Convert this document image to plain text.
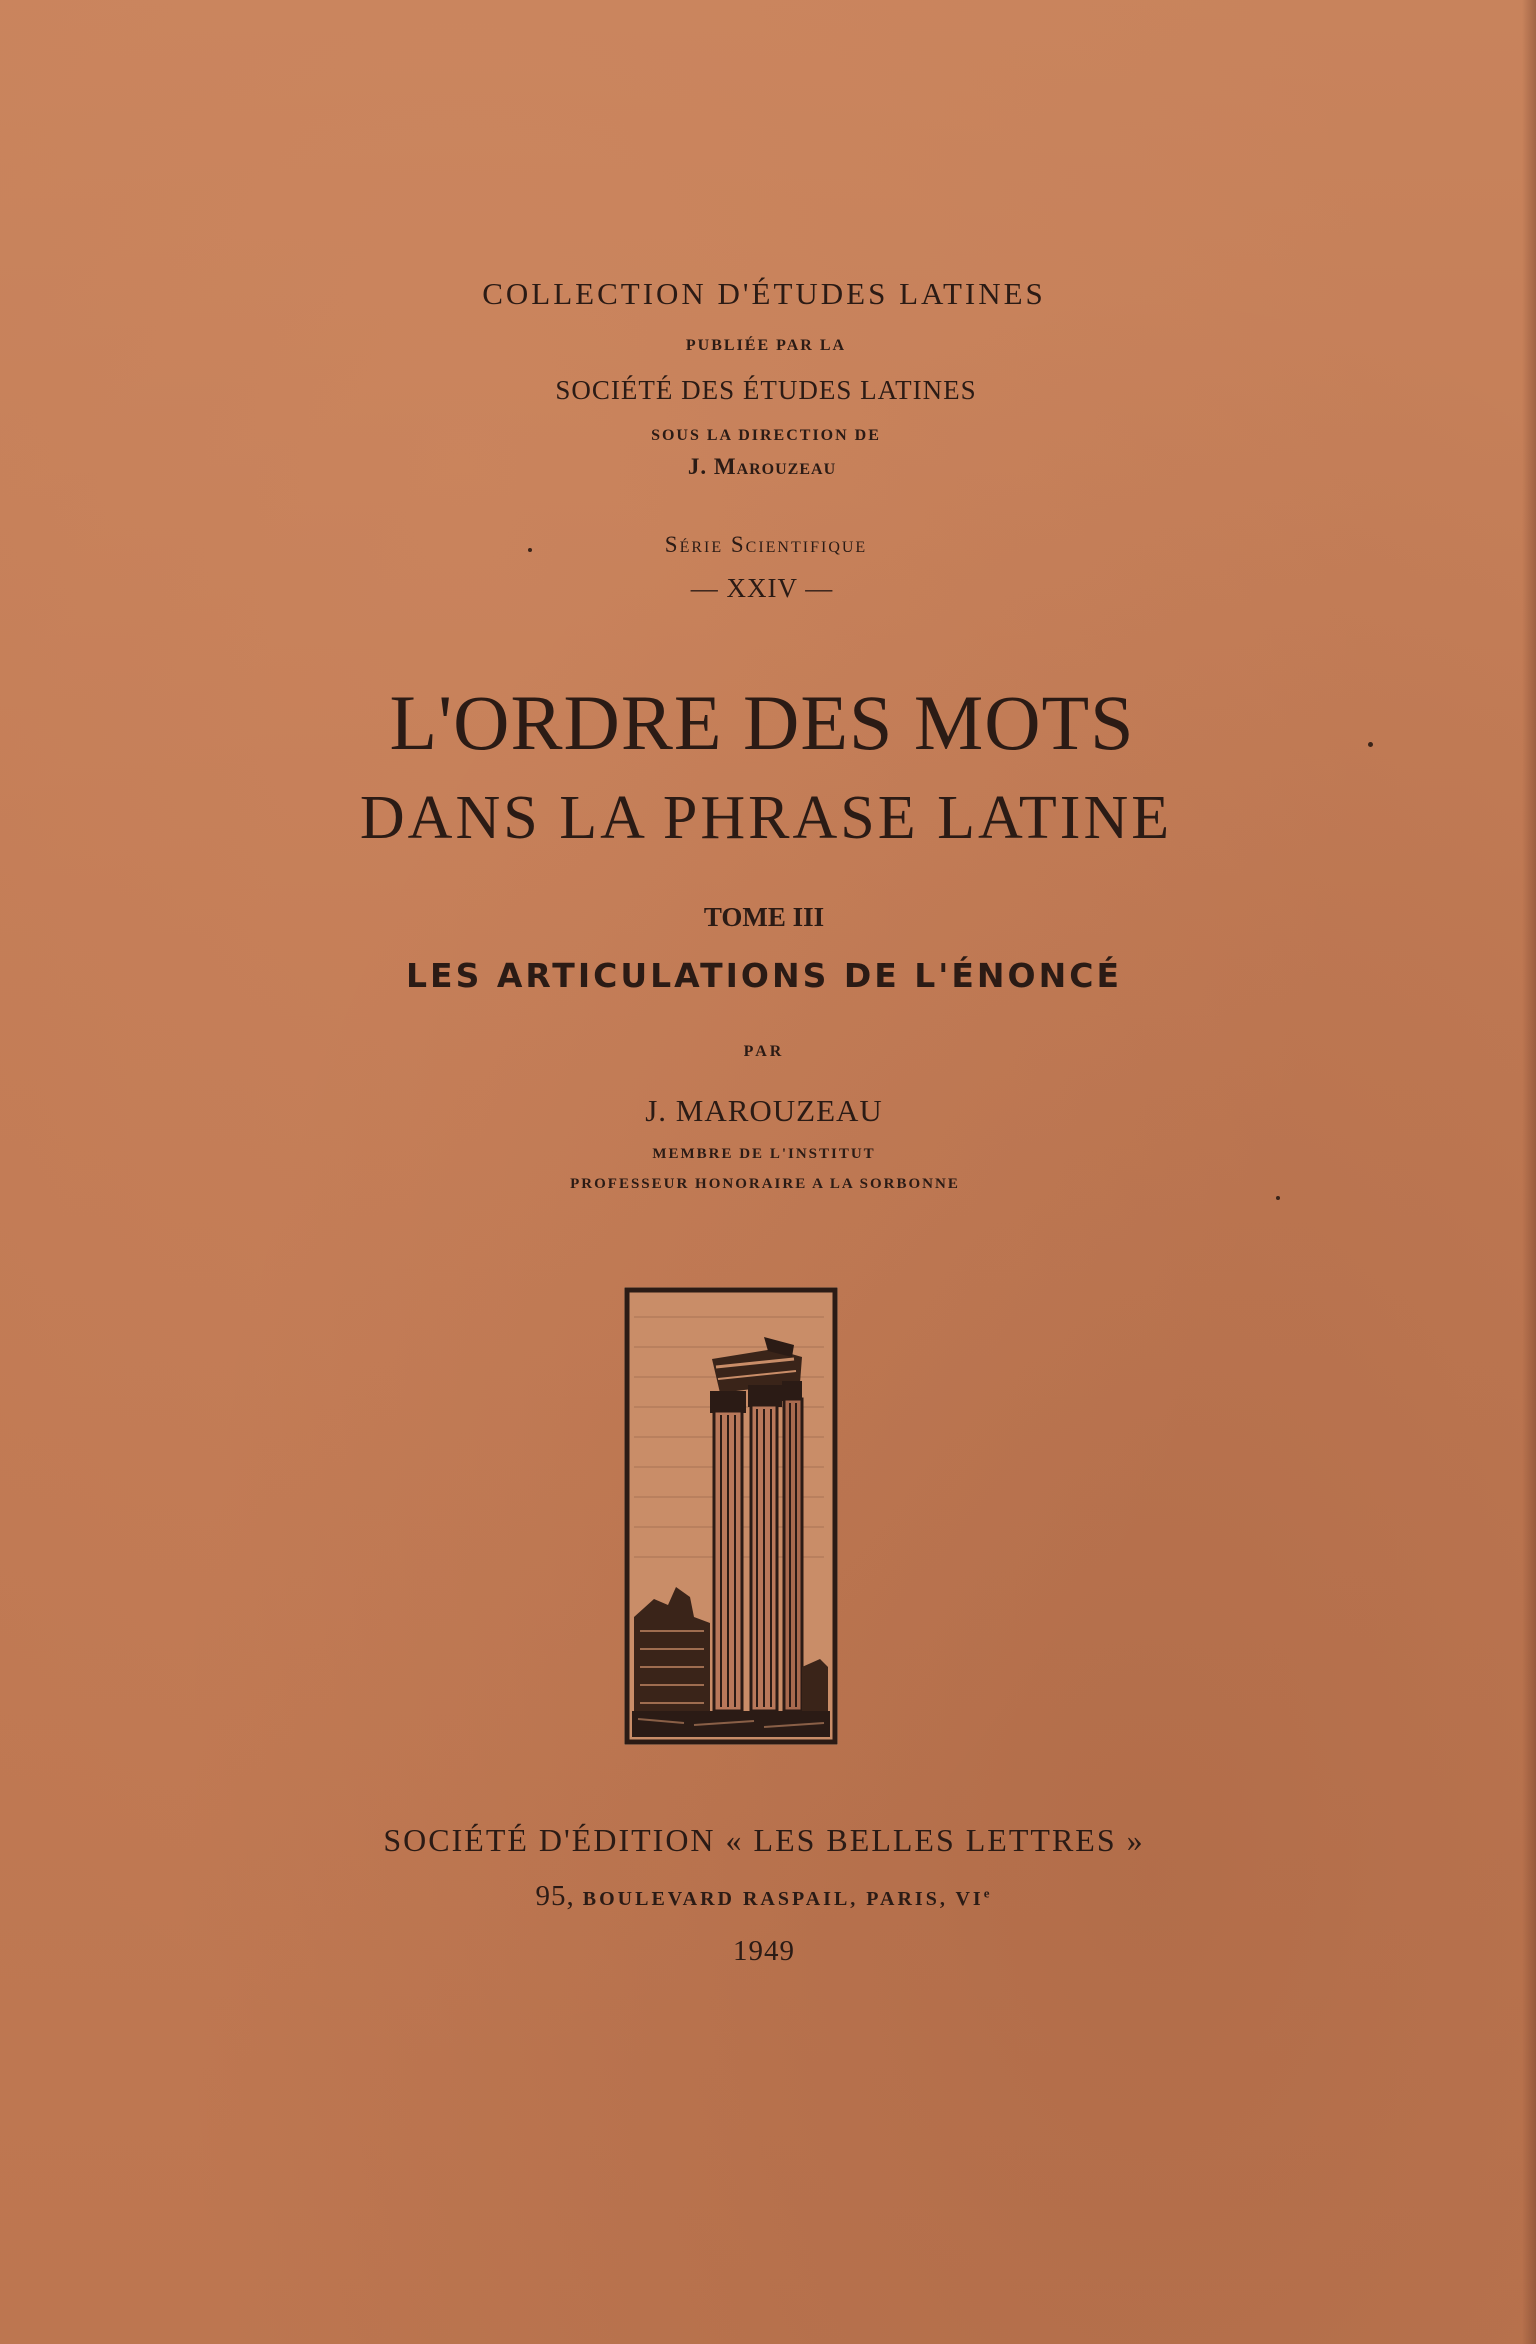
COLLECTION D'ÉTUDES LATINES
PUBLIÉE PAR LA
SOCIÉTÉ DES ÉTUDES LATINES
SOUS LA DIRECTION DE
J. Marouzeau
Série Scientifique
— XXIV —
L'ORDRE DES MOTS
DANS LA PHRASE LATINE
TOME III
LES ARTICULATIONS DE L'ÉNONCÉ
PAR
J. MAROUZEAU
MEMBRE DE L'INSTITUT
PROFESSEUR HONORAIRE A LA SORBONNE
SOCIÉTÉ D'ÉDITION « LES BELLES LETTRES »
95, BOULEVARD RASPAIL, PARIS, VIe
1949
